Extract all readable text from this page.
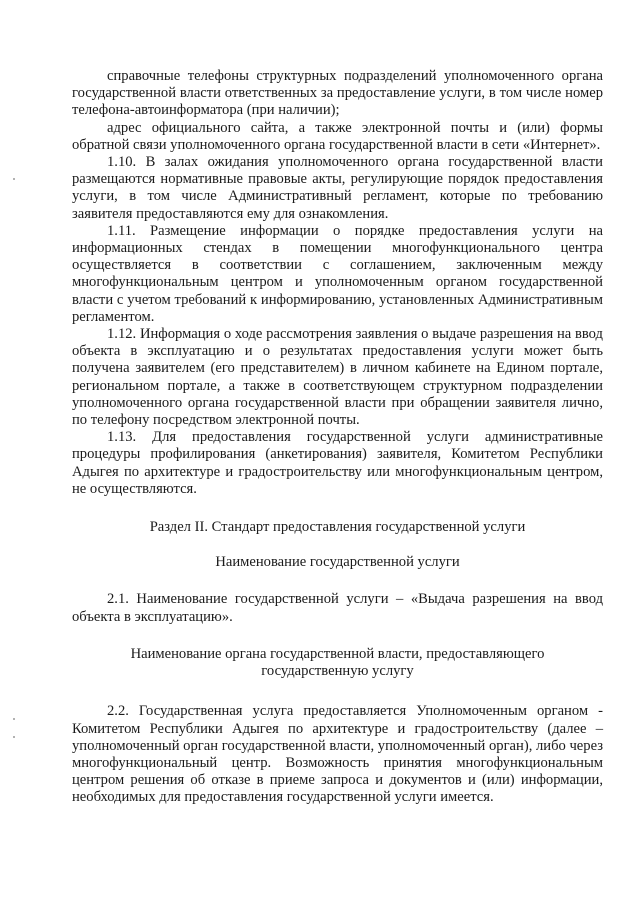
справочные телефоны структурных подразделений уполномоченного органа государственной власти ответственных за предоставление услуги, в том числе номер телефона-автоинформатора (при наличии);

адрес официального сайта, а также электронной почты и (или) формы обратной связи уполномоченного органа государственной власти в сети «Интернет».

1.10. В залах ожидания уполномоченного органа государственной власти размещаются нормативные правовые акты, регулирующие порядок предоставления услуги, в том числе Административный регламент, которые по требованию заявителя предоставляются ему для ознакомления.

1.11. Размещение информации о порядке предоставления услуги на информационных стендах в помещении многофункционального центра осуществляется в соответствии с соглашением, заключенным между многофункциональным центром и уполномоченным органом государственной власти с учетом требований к информированию, установленных Административным регламентом.

1.12. Информация о ходе рассмотрения заявления о выдаче разрешения на ввод объекта в эксплуатацию и о результатах предоставления услуги может быть получена заявителем (его представителем) в личном кабинете на Едином портале, региональном портале, а также в соответствующем структурном подразделении уполномоченного органа государственной власти при обращении заявителя лично, по телефону посредством электронной почты.

1.13. Для предоставления государственной услуги административные процедуры профилирования (анкетирования) заявителя, Комитетом Республики Адыгея по архитектуре и градостроительству или многофункциональным центром, не осуществляются.

Раздел II. Стандарт предоставления государственной услуги

Наименование государственной услуги

2.1. Наименование государственной услуги – «Выдача разрешения на ввод объекта в эксплуатацию».

Наименование органа государственной власти, предоставляющего

государственную услугу

2.2. Государственная услуга предоставляется Уполномоченным органом - Комитетом Республики Адыгея по архитектуре и градостроительству (далее – уполномоченный орган государственной власти, уполномоченный орган), либо через многофункциональный центр. Возможность принятия многофункциональным центром решения об отказе в приеме запроса и документов и (или) информации, необходимых для предоставления государственной услуги имеется.
